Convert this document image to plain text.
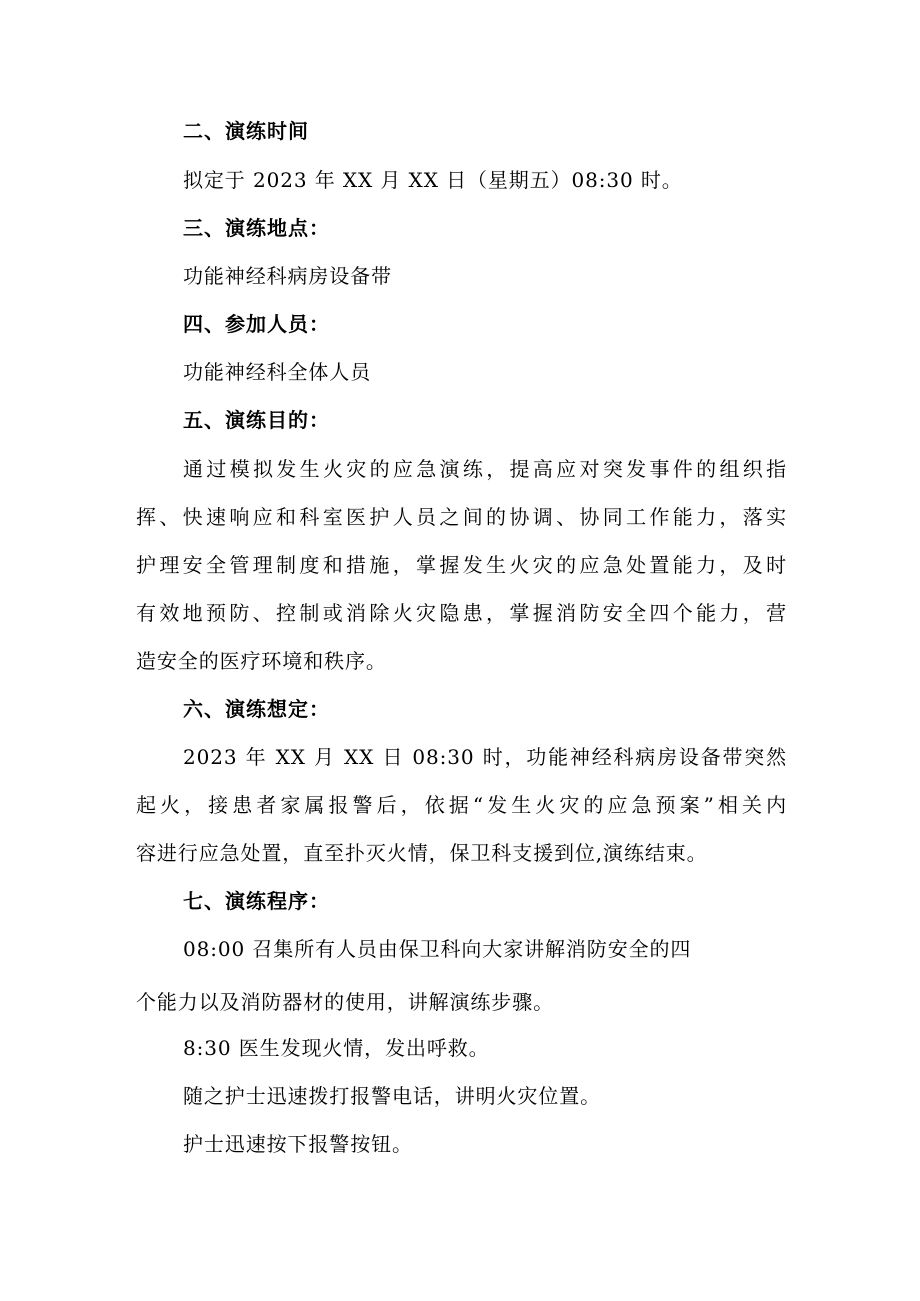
二、演练时间
拟定于 2023 年 XX 月 XX 日（星期五）08:30 时。
三、演练地点：
功能神经科病房设备带
四、参加人员：
功能神经科全体人员
五、演练目的：
通过模拟发生火灾的应急演练，提高应对突发事件的组织指
挥、快速响应和科室医护人员之间的协调、协同工作能力，落实
护理安全管理制度和措施，掌握发生火灾的应急处置能力，及时
有效地预防、控制或消除火灾隐患，掌握消防安全四个能力，营
造安全的医疗环境和秩序。
六、演练想定：
2023 年 XX 月 XX 日 08:30 时，功能神经科病房设备带突然
起火，接患者家属报警后，依据“发生火灾的应急预案”相关内
容进行应急处置，直至扑灭火情，保卫科支援到位,演练结束。
七、演练程序：
08:00 召集所有人员由保卫科向大家讲解消防安全的四
个能力以及消防器材的使用，讲解演练步骤。
8:30 医生发现火情，发出呼救。
随之护士迅速拨打报警电话，讲明火灾位置。
护士迅速按下报警按钮。
